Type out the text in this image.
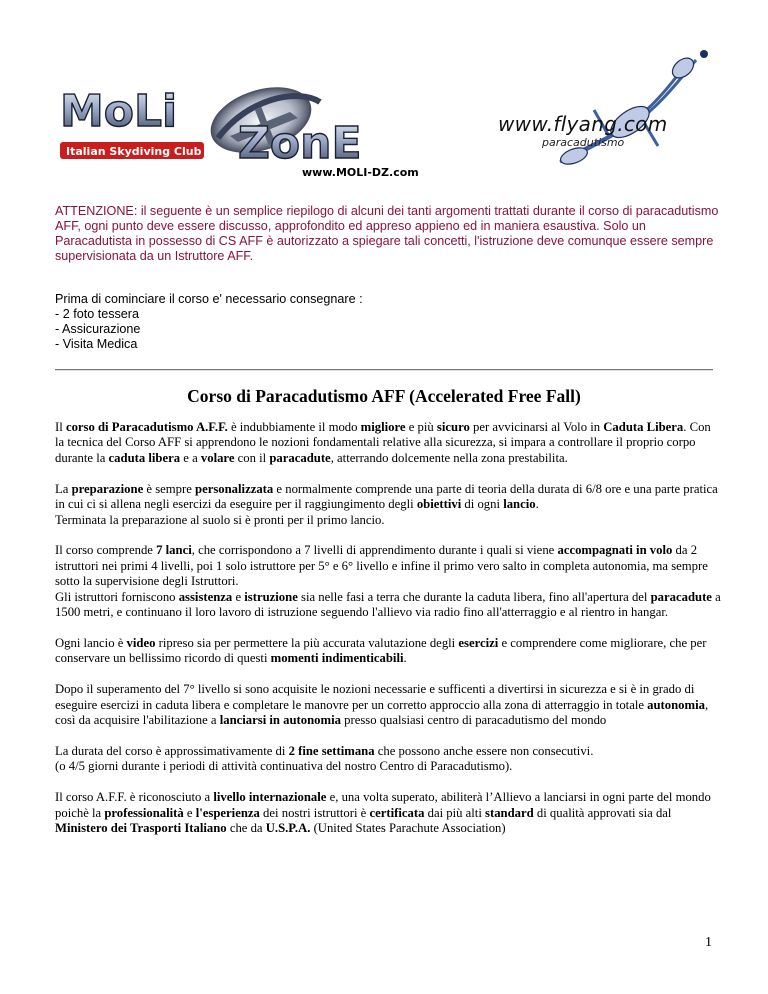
MoLi
ZonE
Italian Skydiving Club
www.MOLI-DZ.com
www.flyang.com
paracadutismo

ATTENZIONE: il seguente è un semplice riepilogo di alcuni dei tanti argomenti trattati durante il corso di paracadutismo AFF, ogni punto deve essere discusso, approfondito ed appreso appieno ed in maniera esaustiva. Solo un Paracadutista in possesso di CS AFF è autorizzato a spiegare tali concetti, l'istruzione deve comunque essere sempre supervisionata da un Istruttore AFF.

Prima di cominciare il corso e' necessario consegnare :
- 2 foto tessera
- Assicurazione
- Visita Medica
Corso di Paracadutismo AFF (Accelerated Free Fall)

Il corso di Paracadutismo A.F.F. è indubbiamente il modo migliore e più sicuro per avvicinarsi al Volo in Caduta Libera. Con la tecnica del Corso AFF si apprendono le nozioni fondamentali relative alla sicurezza, si impara a controllare il proprio corpo durante la caduta libera e a volare con il paracadute, atterrando dolcemente nella zona prestabilita.

La preparazione è sempre personalizzata e normalmente comprende una parte di teoria della durata di 6/8 ore e una parte pratica in cui ci si allena negli esercizi da eseguire per il raggiungimento degli obiettivi di ogni lancio.
Terminata la preparazione al suolo si è pronti per il primo lancio.

Il corso comprende 7 lanci, che corrispondono a 7 livelli di apprendimento durante i quali si viene accompagnati in volo da 2 istruttori nei primi 4 livelli, poi 1 solo istruttore per 5° e 6° livello e infine il primo vero salto in completa autonomia, ma sempre sotto la supervisione degli Istruttori.
Gli istruttori forniscono assistenza e istruzione sia nelle fasi a terra che durante la caduta libera, fino all'apertura del paracadute a 1500 metri, e continuano il loro lavoro di istruzione seguendo l'allievo via radio fino all'atterraggio e al rientro in hangar.

Ogni lancio è video ripreso sia per permettere la più accurata valutazione degli esercizi e comprendere come migliorare, che per conservare un bellissimo ricordo di questi momenti indimenticabili.

Dopo il superamento del 7° livello si sono acquisite le nozioni necessarie e sufficenti a divertirsi in sicurezza e si è in grado di eseguire esercizi in caduta libera e completare le manovre per un corretto approccio alla zona di atterraggio in totale autonomia, così da acquisire l'abilitazione a lanciarsi in autonomia presso qualsiasi centro di paracadutismo del mondo

La durata del corso è approssimativamente di 2 fine settimana che possono anche essere non consecutivi.
(o 4/5 giorni durante i periodi di attività continuativa del nostro Centro di Paracadutismo).

Il corso A.F.F. è riconosciuto a livello internazionale e, una volta superato, abiliterà l’Allievo a lanciarsi in ogni parte del mondo poichè la professionalità e l'esperienza dei nostri istruttori è certificata dai più alti standard di qualità approvati sia dal Ministero dei Trasporti Italiano che da U.S.P.A. (United States Parachute Association)

1
